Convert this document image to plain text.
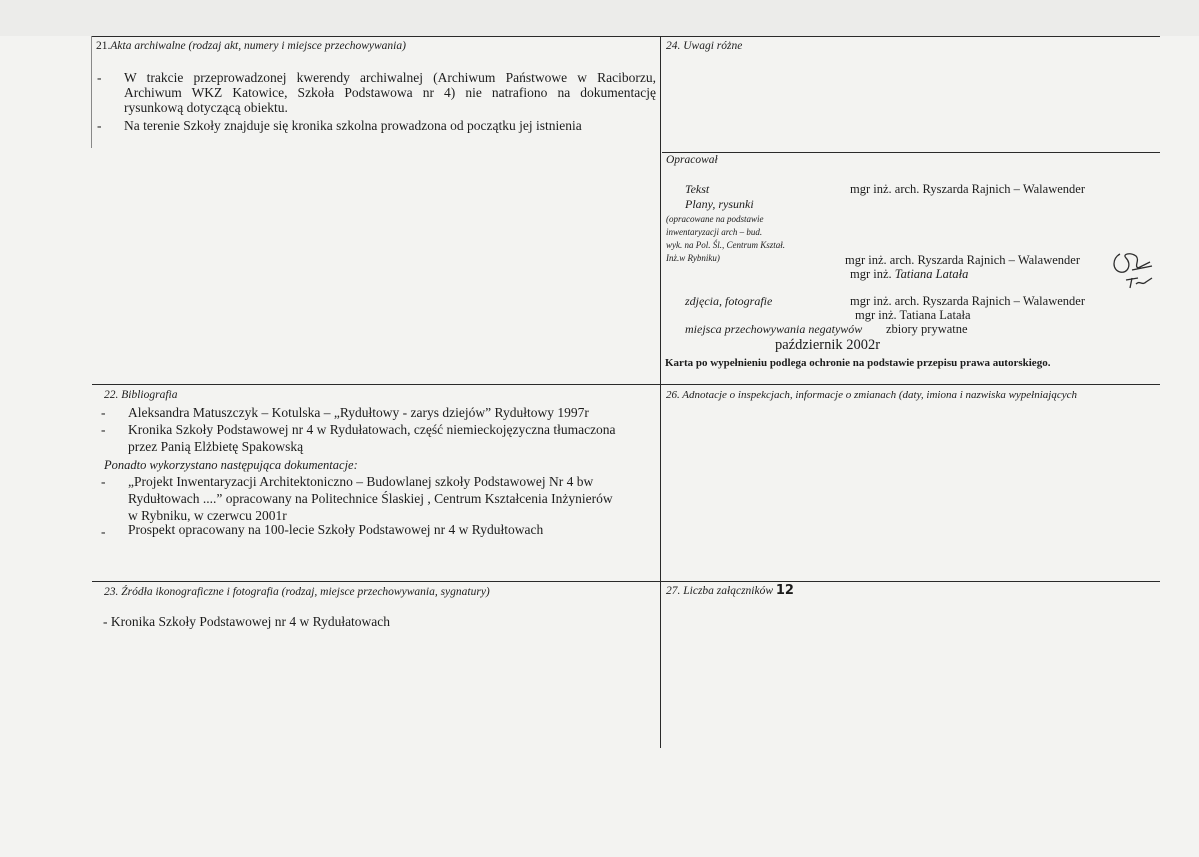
21.Akta archiwalne (rodzaj akt, numery i miejsce przechowywania)
- W trakcie przeprowadzonej kwerendy archiwalnej (Archiwum Państwowe w Raciborzu,
Archiwum WKZ Katowice, Szkoła Podstawowa nr 4) nie natrafiono na dokumentację
rysunkową dotyczącą obiektu.
- Na terenie Szkoły znajduje się kronika szkolna prowadzona od początku jej istnienia
24. Uwagi różne
Opracował
Tekst	mgr inż. arch. Ryszarda Rajnich – Walawender
Plany, rysunki
(opracowane na podstawie
inwentaryzacji arch – bud.
wyk. na Pol. Śl., Centrum Kształ.
Inż.w Rybniku)	mgr inż. arch. Ryszarda Rajnich – Walawender
mgr inż. Tatiana Latała
zdjęcia, fotografie	mgr inż. arch. Ryszarda Rajnich – Walawender
mgr inż. Tatiana Latała
miejsca przechowywania negatywów zbiory prywatne
październik 2002r
Karta po wypełnieniu podlega ochronie na podstawie przepisu prawa autorskiego.
22. Bibliografia
- Aleksandra Matuszczyk – Kotulska – „Rydułtowy - zarys dziejów” Rydułtowy 1997r
- Kronika Szkoły Podstawowej nr 4 w Rydułatowach, część niemieckojęzyczna tłumaczona
przez Panią Elżbietę Spakowską
Ponadto wykorzystano następująca dokumentacje:
- „Projekt Inwentaryzacji Architektoniczno – Budowlanej szkoły Podstawowej Nr 4 bw
Rydułtowach ....” opracowany na Politechnice Ślaskiej , Centrum Kształcenia Inżynierów
w Rybniku, w czerwcu 2001r
- Prospekt opracowany na 100-lecie Szkoły Podstawowej nr 4 w Rydułtowach
26. Adnotacje o inspekcjach, informacje o zmianach (daty, imiona i nazwiska wypełniających
23. Źródła ikonograficzne i fotografia (rodzaj, miejsce przechowywania, sygnatury)
- Kronika Szkoły Podstawowej nr 4 w Rydułatowach
27. Liczba załączników 12
